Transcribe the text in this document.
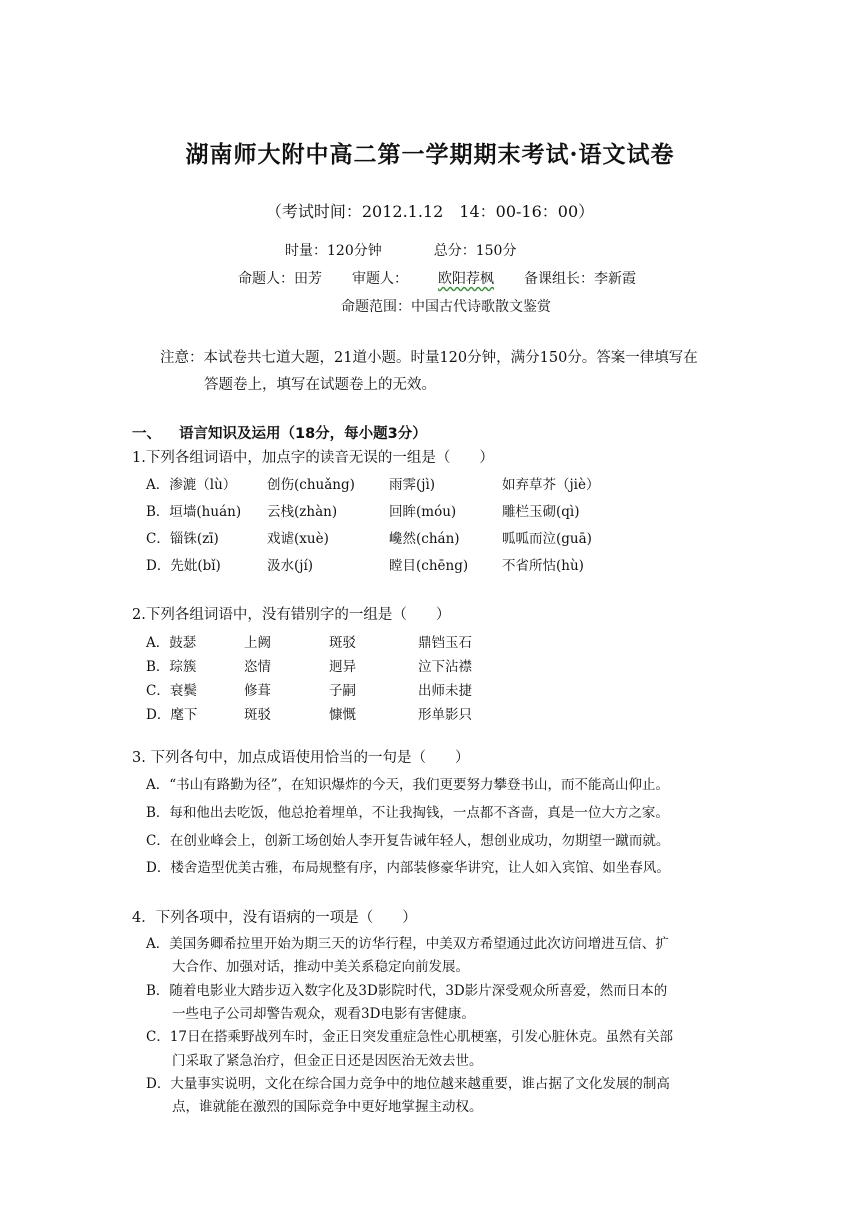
湖南师大附中高二第一学期期末考试·语文试卷
（考试时间：2012.1.12　14：00-16：00）
时量：120分钟	总分：150分
命题人：田芳 审题人： 欧阳荐枫 备课组长：李新霞
命题范围：中国古代诗歌散文鉴赏
注意：本试卷共七道大题，21道小题。时量120分钟，满分150分。答案一律填写在
答题卷上，填写在试题卷上的无效。
一、 语言知识及运用（18分，每小题3分）
1.下列各组词语中，加点字的读音无误的一组是（　　）
A．渗漉（lù） 创伤(chuǎng)	雨霁(jì)	如弃草芥（jiè）
B．垣墙(huán) 云栈(zhàn)	回眸(móu)	雕栏玉砌(qì)
C．锱铢(zī)	戏谑(xuè)	巉然(chán)	呱呱而泣(guā)
D．先妣(bǐ)	汲水(jí)	瞠目(chēng)	不省所怙(hù)
2.下列各组词语中，没有错别字的一组是（　　）
A．鼓瑟	上阙	斑驳	鼎铛玉石
B．琮簇	恣情	迥异	泣下沾襟
C．衰鬓	修葺	子嗣	出师未捷
D．麾下	斑驳	慷慨	形单影只
3. 下列各句中，加点成语使用恰当的一句是（　　）
A．“书山有路勤为径”，在知识爆炸的今天，我们更要努力攀登书山，而不能高山仰止。
B．每和他出去吃饭，他总抢着埋单，不让我掏钱，一点都不吝啬，真是一位大方之家。
C．在创业峰会上，创新工场创始人李开复告诫年轻人，想创业成功，勿期望一蹴而就。
D．楼舍造型优美古雅，布局规整有序，内部装修豪华讲究，让人如入宾馆、如坐春风。
4．下列各项中，没有语病的一项是（　　）
A．美国务卿希拉里开始为期三天的访华行程，中美双方希望通过此次访问增进互信、扩
大合作、加强对话，推动中美关系稳定向前发展。
B．随着电影业大踏步迈入数字化及3D影院时代，3D影片深受观众所喜爱，然而日本的
一些电子公司却警告观众，观看3D电影有害健康。
C．17日在搭乘野战列车时，金正日突发重症急性心肌梗塞，引发心脏休克。虽然有关部
门采取了紧急治疗，但金正日还是因医治无效去世。
D．大量事实说明，文化在综合国力竞争中的地位越来越重要，谁占据了文化发展的制高
点，谁就能在激烈的国际竞争中更好地掌握主动权。
